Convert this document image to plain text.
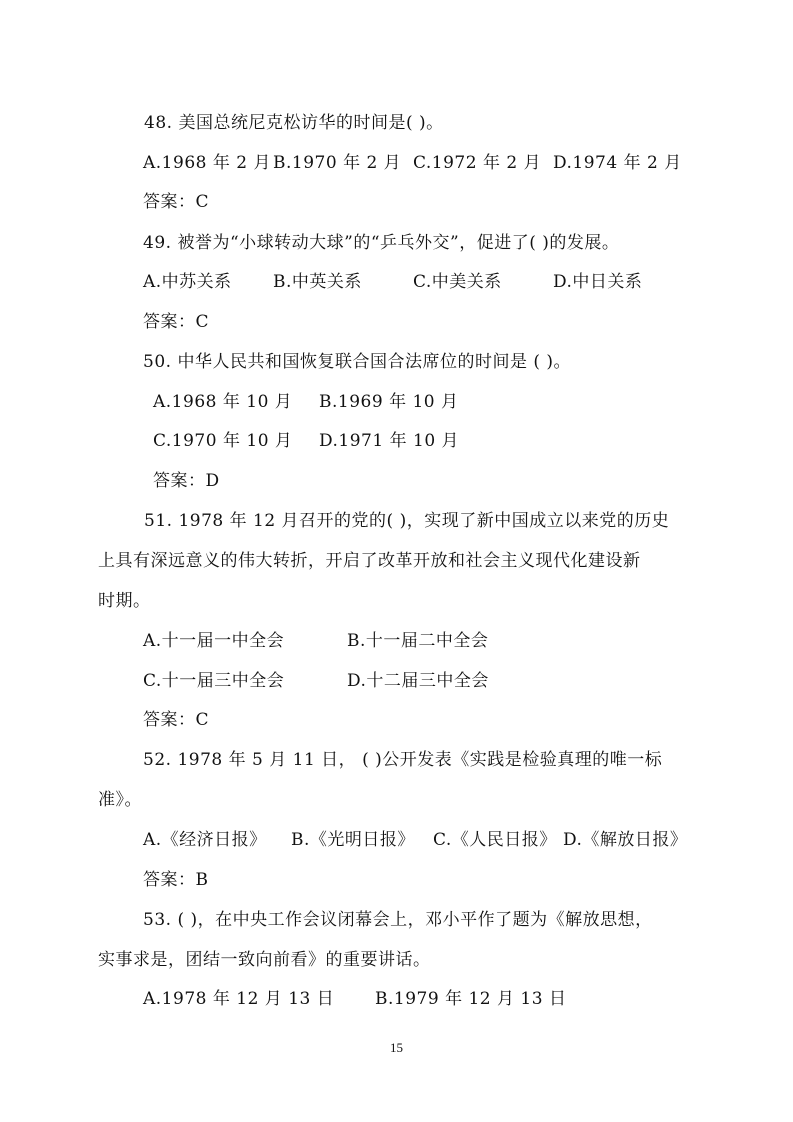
48. 美国总统尼克松访华的时间是( )。
A.1968 年 2 月 B.1970 年 2 月 C.1972 年 2 月 D.1974 年 2 月
答案：C
49. 被誉为“小球转动大球”的“乒乓外交”，促进了( )的发展。
A.中苏关系 B.中英关系	C.中美关系	D.中日关系
答案：C
50. 中华人民共和国恢复联合国合法席位的时间是 ( )。
A.1968 年 10 月 B.1969 年 10 月
C.1970 年 10 月 D.1971 年 10 月
答案：D
51. 1978 年 12 月召开的党的( )，实现了新中国成立以来党的历史
上具有深远意义的伟大转折，开启了改革开放和社会主义现代化建设新
时期。
A.十一届一中全会	B.十一届二中全会
C.十一届三中全会	D.十二届三中全会
答案：C
52. 1978 年 5 月 11 日， ( )公开发表《实践是检验真理的唯一标
准》。
A.《经济日报》 B.《光明日报》 C.《人民日报》 D.《解放日报》
答案：B
53. ( )，在中央工作会议闭幕会上，邓小平作了题为《解放思想，
实事求是，团结一致向前看》的重要讲话。
A.1978 年 12 月 13 日 B.1979 年 12 月 13 日
15
